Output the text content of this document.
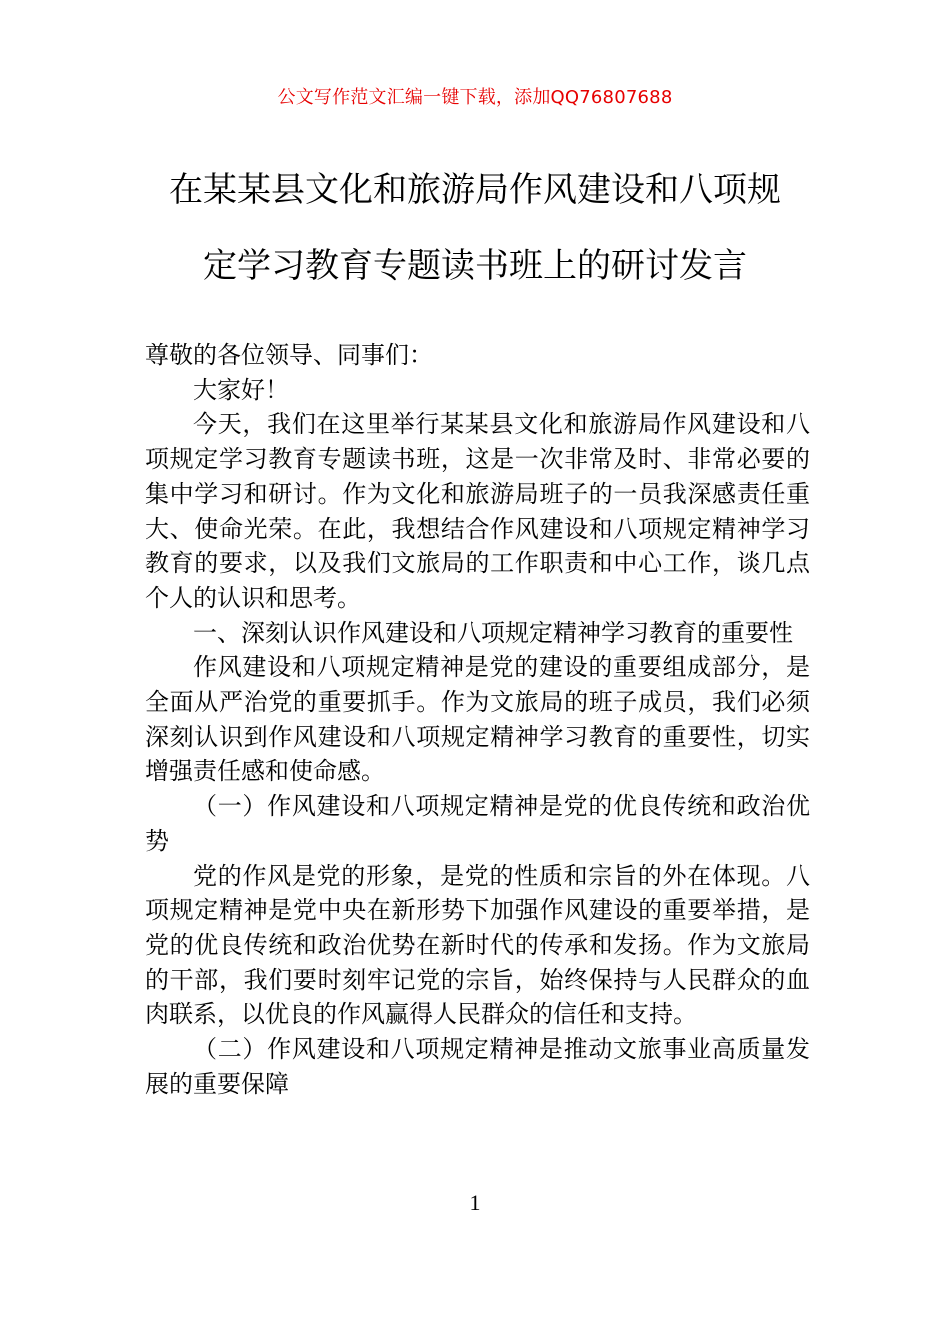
公文写作范文汇编一键下载，添加QQ76807688
在某某县文化和旅游局作风建设和八项规
定学习教育专题读书班上的研讨发言

尊敬的各位领导、同事们：

大家好！

今天，我们在这里举行某某县文化和旅游局作风建设和八项规定学习教育专题读书班，这是一次非常及时、非常必要的集中学习和研讨。作为文化和旅游局班子的一员我深感责任重大、使命光荣。在此，我想结合作风建设和八项规定精神学习教育的要求，以及我们文旅局的工作职责和中心工作，谈几点个人的认识和思考。

一、深刻认识作风建设和八项规定精神学习教育的重要性

作风建设和八项规定精神是党的建设的重要组成部分，是全面从严治党的重要抓手。作为文旅局的班子成员，我们必须深刻认识到作风建设和八项规定精神学习教育的重要性，切实增强责任感和使命感。

（一）作风建设和八项规定精神是党的优良传统和政治优势

党的作风是党的形象，是党的性质和宗旨的外在体现。八项规定精神是党中央在新形势下加强作风建设的重要举措，是党的优良传统和政治优势在新时代的传承和发扬。作为文旅局的干部，我们要时刻牢记党的宗旨，始终保持与人民群众的血肉联系，以优良的作风赢得人民群众的信任和支持。

（二）作风建设和八项规定精神是推动文旅事业高质量发展的重要保障

1
